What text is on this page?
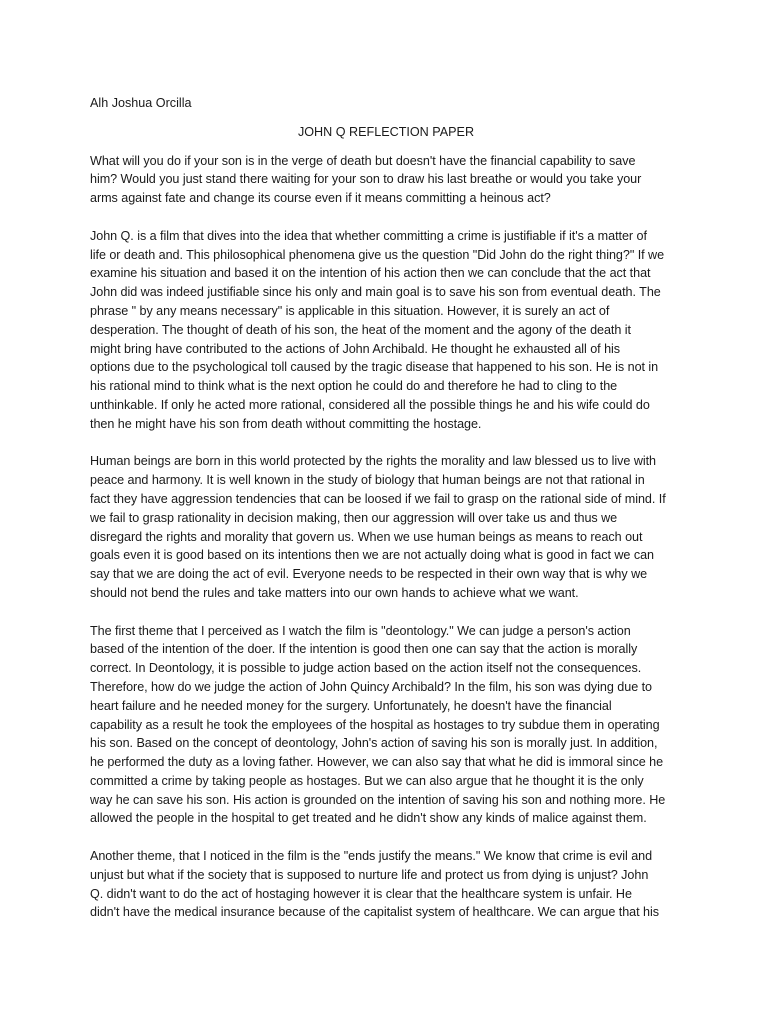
Alh Joshua Orcilla
JOHN Q REFLECTION PAPER
What will you do if your son is in the verge of death but doesn't have the financial capability to save
him? Would you just stand there waiting for your son to draw his last breathe or would you take your
arms against fate and change its course even if it means committing a heinous act?
John Q. is a film that dives into the idea that whether committing a crime is justifiable if it's a matter of
life or death and. This philosophical phenomena give us the question "Did John do the right thing?" If we
examine his situation and based it on the intention of his action then we can conclude that the act that
John did was indeed justifiable since his only and main goal is to save his son from eventual death. The
phrase " by any means necessary" is applicable in this situation. However, it is surely an act of
desperation. The thought of death of his son, the heat of the moment and the agony of the death it
might bring have contributed to the actions of John Archibald. He thought he exhausted all of his
options due to the psychological toll caused by the tragic disease that happened to his son. He is not in
his rational mind to think what is the next option he could do and therefore he had to cling to the
unthinkable. If only he acted more rational, considered all the possible things he and his wife could do
then he might have his son from death without committing the hostage.
Human beings are born in this world protected by the rights the morality and law blessed us to live with
peace and harmony. It is well known in the study of biology that human beings are not that rational in
fact they have aggression tendencies that can be loosed if we fail to grasp on the rational side of mind. If
we fail to grasp rationality in decision making, then our aggression will over take us and thus we
disregard the rights and morality that govern us. When we use human beings as means to reach out
goals even it is good based on its intentions then we are not actually doing what is good in fact we can
say that we are doing the act of evil. Everyone needs to be respected in their own way that is why we
should not bend the rules and take matters into our own hands to achieve what we want.
The first theme that I perceived as I watch the film is "deontology." We can judge a person's action
based of the intention of the doer. If the intention is good then one can say that the action is morally
correct. In Deontology, it is possible to judge action based on the action itself not the consequences.
Therefore, how do we judge the action of John Quincy Archibald? In the film, his son was dying due to
heart failure and he needed money for the surgery. Unfortunately, he doesn't have the financial
capability as a result he took the employees of the hospital as hostages to try subdue them in operating
his son. Based on the concept of deontology, John's action of saving his son is morally just. In addition,
he performed the duty as a loving father. However, we can also say that what he did is immoral since he
committed a crime by taking people as hostages. But we can also argue that he thought it is the only
way he can save his son. His action is grounded on the intention of saving his son and nothing more. He
allowed the people in the hospital to get treated and he didn't show any kinds of malice against them.
Another theme, that I noticed in the film is the "ends justify the means." We know that crime is evil and
unjust but what if the society that is supposed to nurture life and protect us from dying is unjust? John
Q. didn't want to do the act of hostaging however it is clear that the healthcare system is unfair. He
didn't have the medical insurance because of the capitalist system of healthcare. We can argue that his
